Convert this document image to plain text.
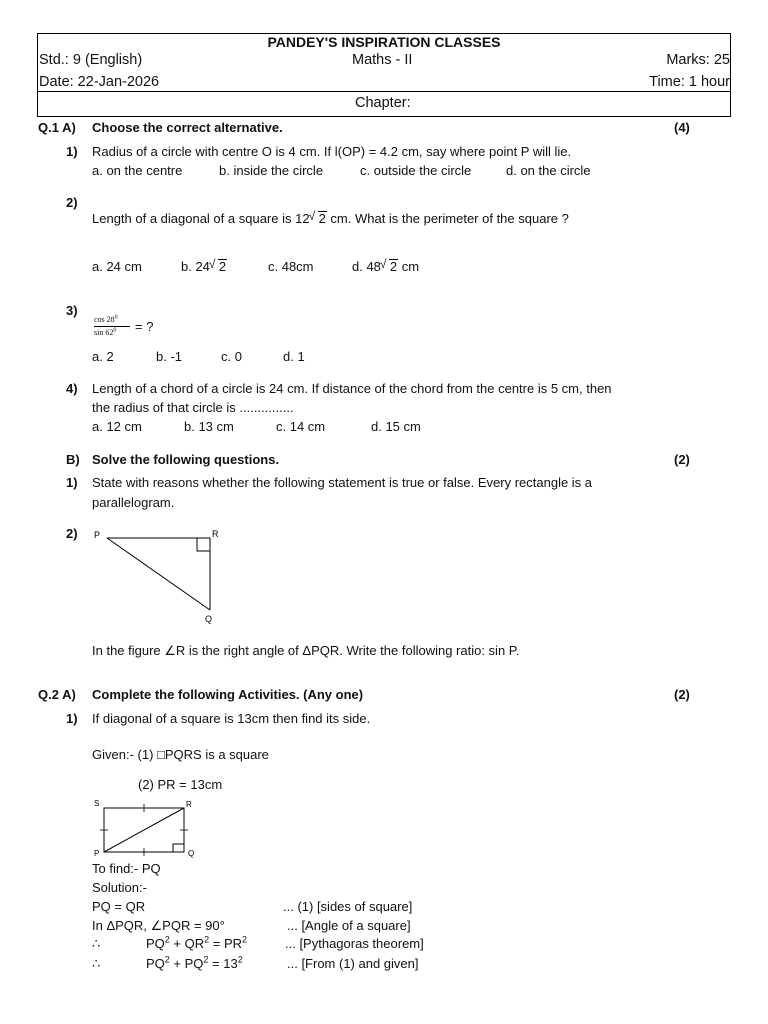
PANDEY'S INSPIRATION CLASSES
Std.: 9 (English)	Maths - II	Marks: 25
Date: 22-Jan-2026	Time: 1 hour
Chapter:
Q.1 A) Choose the correct alternative.	(4)
1) Radius of a circle with centre O is 4 cm. If l(OP) = 4.2 cm, say where point P will lie.
a. on the centre	b. inside the circle	c. outside the circle	d. on the circle
2)
Length of a diagonal of a square is 12 √ 2 cm. What is the perimeter of the square ?
a. 24 cm	b. 24 √ 2	c. 48cm	d. 48 √ 2 cm
3)
$\cos 28^0$
$\sin 62^0$	= ?
a. 2	b. -1	c. 0	d. 1
4) Length of a chord of a circle is 24 cm. If distance of the chord from the centre is 5 cm, then
the radius of that circle is ...............
a. 12 cm	b. 13 cm	c. 14 cm	d. 15 cm
B) Solve the following questions.	(2)
1) State with reasons whether the following statement is true or false. Every rectangle is a
parallelogram.
2) P	R
Q
In the figure ∠R is the right angle of ΔPQR. Write the following ratio: sin P.
Q.2 A) Complete the following Activities. (Any one)	(2)
1) If diagonal of a square is 13cm then find its side.
Given:- (1) □PQRS is a square
(2) PR = 13cm
S	R
P	Q
To find:- PQ
Solution:-
PQ = QR	... (1) [sides of square]
In ΔPQR, ∠PQR = 90°	... [Angle of a square]
∴	$PQ^2 + QR^2 = PR^2$	... [Pythagoras theorem]
∴	$PQ^2 + PQ^2 = 13^2$	... [From (1) and given]
